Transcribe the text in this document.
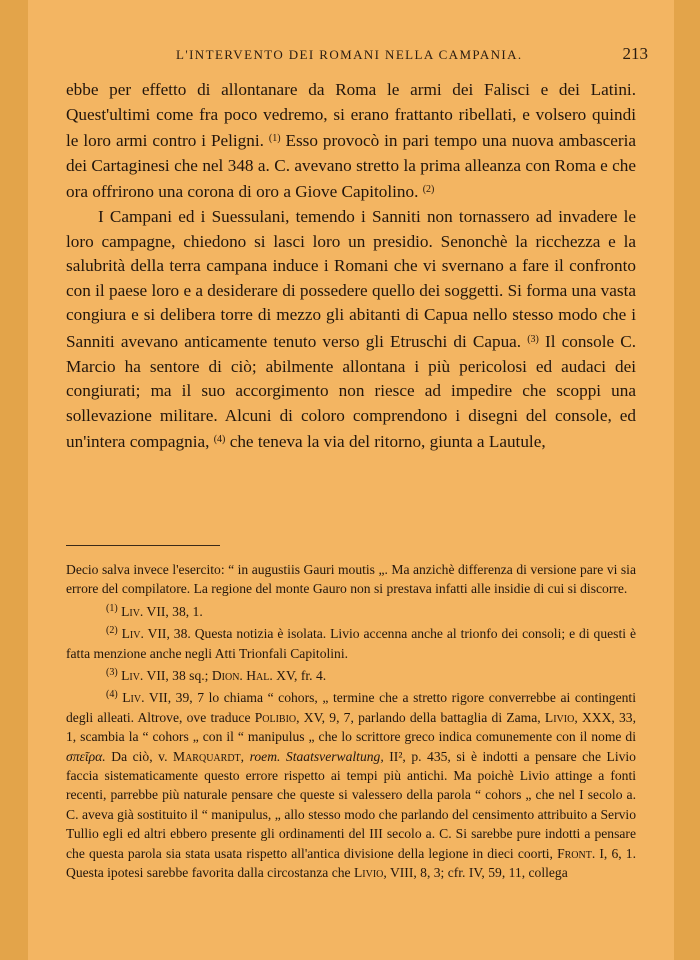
L'INTERVENTO DEI ROMANI NELLA CAMPANIA.	213

ebbe per effetto di allontanare da Roma le armi dei Falisci e dei Latini. Quest'ultimi come fra poco vedremo, si erano frattanto ribellati, e volsero quindi le loro armi contro i Peligni. $^{(1)}$ Esso provocò in pari tempo una nuova ambasceria dei Cartaginesi che nel 348 a. C. avevano stretto la prima alleanza con Roma e che ora offrirono una corona di oro a Giove Capitolino. $^{(2)}$

I Campani ed i Suessulani, temendo i Sanniti non tornassero ad invadere le loro campagne, chiedono si lasci loro un presidio. Senonchè la ricchezza e la salubrità della terra campana induce i Romani che vi svernano a fare il confronto con il paese loro e a desiderare di possedere quello dei soggetti. Si forma una vasta congiura e si delibera torre di mezzo gli abitanti di Capua nello stesso modo che i Sanniti avevano anticamente tenuto verso gli Etruschi di Capua. $^{(3)}$ Il console C. Marcio ha sentore di ciò; abilmente allontana i più pericolosi ed audaci dei congiurati; ma il suo accorgimento non riesce ad impedire che scoppi una sollevazione militare. Alcuni di coloro comprendono i disegni del console, ed un'intera compagnia, $^{(4)}$ che teneva la via del ritorno, giunta a Lautule,

Decio salva invece l'esercito: “ in augustiis Gauri moutis „. Ma anzichè differenza di versione pare vi sia errore del compilatore. La regione del monte Gauro non si prestava infatti alle insidie di cui si discorre.

$^{(1)}$ Liv. VII, 38, 1.

$^{(2)}$ Liv. VII, 38. Questa notizia è isolata. Livio accenna anche al trionfo dei consoli; e di questi è fatta menzione anche negli Atti Trionfali Capitolini.

$^{(3)}$ Liv. VII, 38 sq.; Dion. Hal. XV, fr. 4.

$^{(4)}$ Liv. VII, 39, 7 lo chiama “ cohors, „ termine che a stretto rigore converrebbe ai contingenti degli alleati. Altrove, ove traduce Polibio, XV, 9, 7, parlando della battaglia di Zama, Livio, XXX, 33, 1, scambia la “ cohors „ con il “ manipulus „ che lo scrittore greco indica comunemente con il nome di σπεῖρα. Da ciò, v. Marquardt, roem. Staatsverwaltung, II², p. 435, si è indotti a pensare che Livio faccia sistematicamente questo errore rispetto ai tempi più antichi. Ma poichè Livio attinge a fonti recenti, parrebbe più naturale pensare che queste si valessero della parola “ cohors „ che nel I secolo a. C. aveva già sostituito il “ manipulus, „ allo stesso modo che parlando del censimento attribuito a Servio Tullio egli ed altri ebbero presente gli ordinamenti del III secolo a. C. Si sarebbe pure indotti a pensare che questa parola sia stata usata rispetto all'antica divisione della legione in dieci coorti, Front. I, 6, 1. Questa ipotesi sarebbe favorita dalla circostanza che Livio, VIII, 8, 3; cfr. IV, 59, 11, collega
